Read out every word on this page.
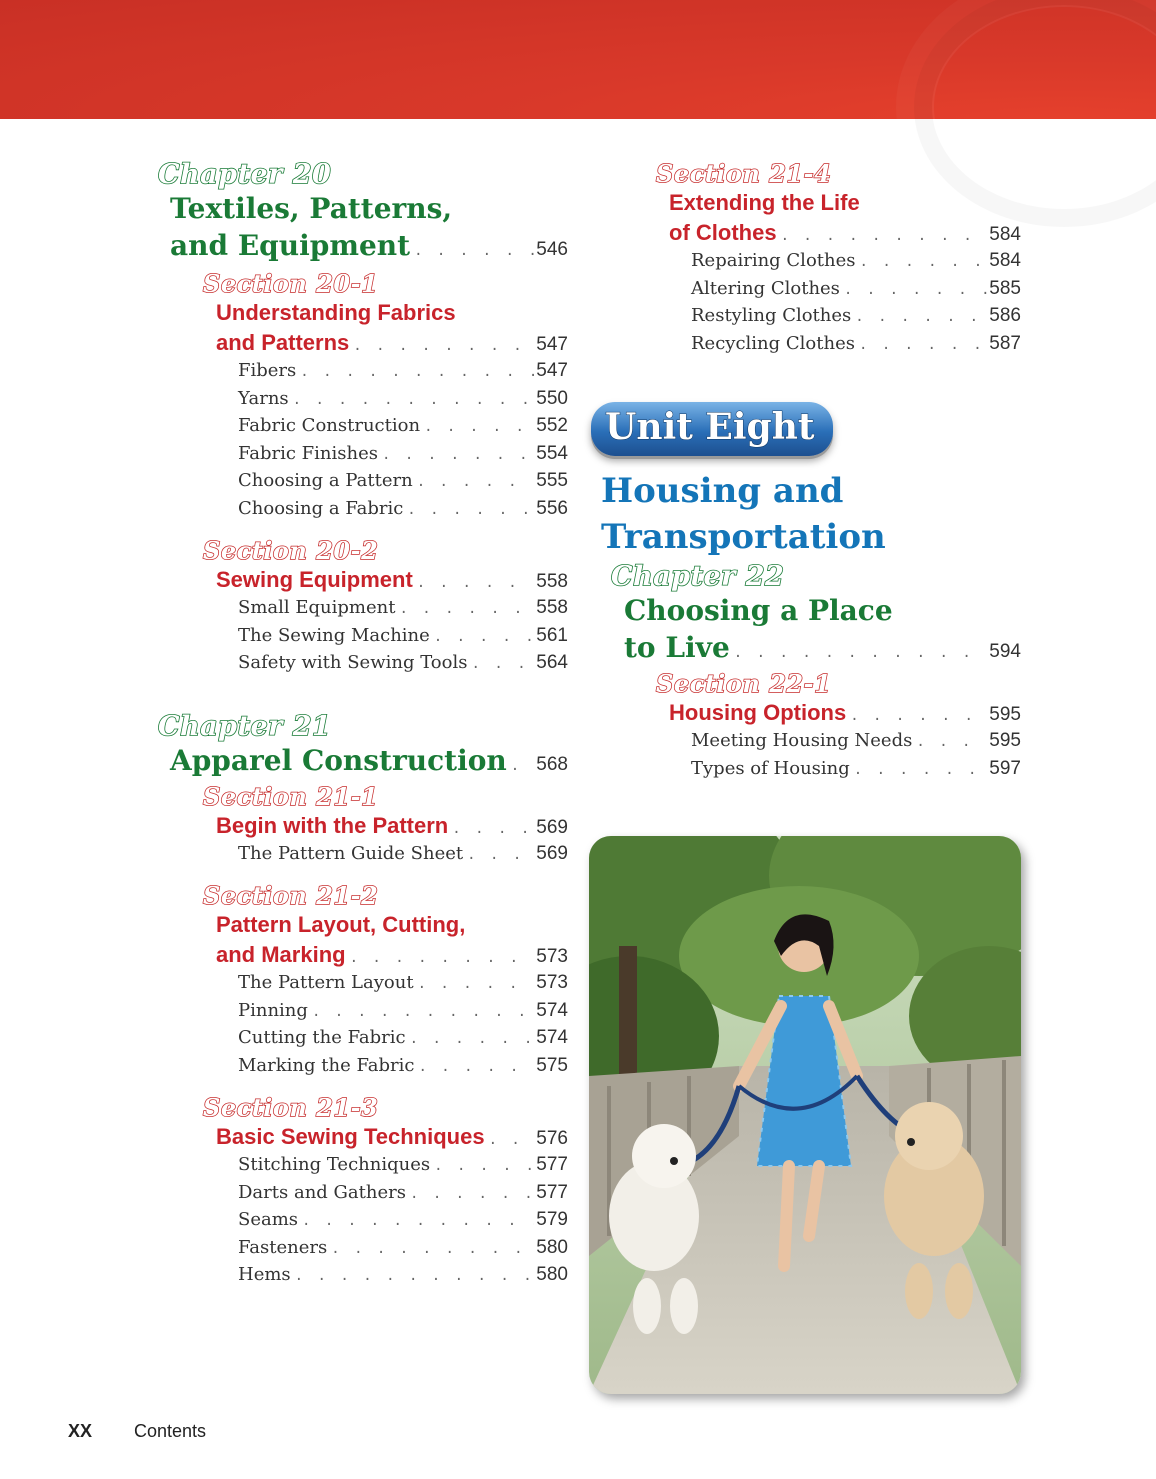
Chapter 20
Textiles, Patterns,
and Equipment . . .	546
Section 20-1
Understanding Fabrics
and Patterns . . .	547
Fibers . . .	547
Yarns . . .	550
Fabric Construction . . .	552
Fabric Finishes . . .	554
Choosing a Pattern . . .	555
Choosing a Fabric . . .	556
Section 20-2
Sewing Equipment . . .	558
Small Equipment . . .	558
The Sewing Machine . . .	561
Safety with Sewing Tools . . .	564
Chapter 21
Apparel Construction . . . 568
Section 21-1
Begin with the Pattern . . .	569
The Pattern Guide Sheet . . .	569
Section 21-2
Pattern Layout, Cutting,
and Marking . . .	573
The Pattern Layout . . .	573
Pinning . . .	574
Cutting the Fabric . . .	574
Marking the Fabric . . .	575
Section 21-3
Basic Sewing Techniques . . .	576
Stitching Techniques . . .	577
Darts and Gathers . . .	577
Seams . . .	579
Fasteners . . .	580
Hems . . .	580
Section 21-4
Extending the Life
of Clothes . . .	584
Repairing Clothes . . .	584
Altering Clothes . . .	585
Restyling Clothes . . .	586
Recycling Clothes . . .	587
Unit Eight
Housing and
Transportation
Chapter 22
Choosing a Place
to Live . . .	594
Section 22-1
Housing Options . . .	595
Meeting Housing Needs . . .	595
Types of Housing . . .	597
XX Contents
